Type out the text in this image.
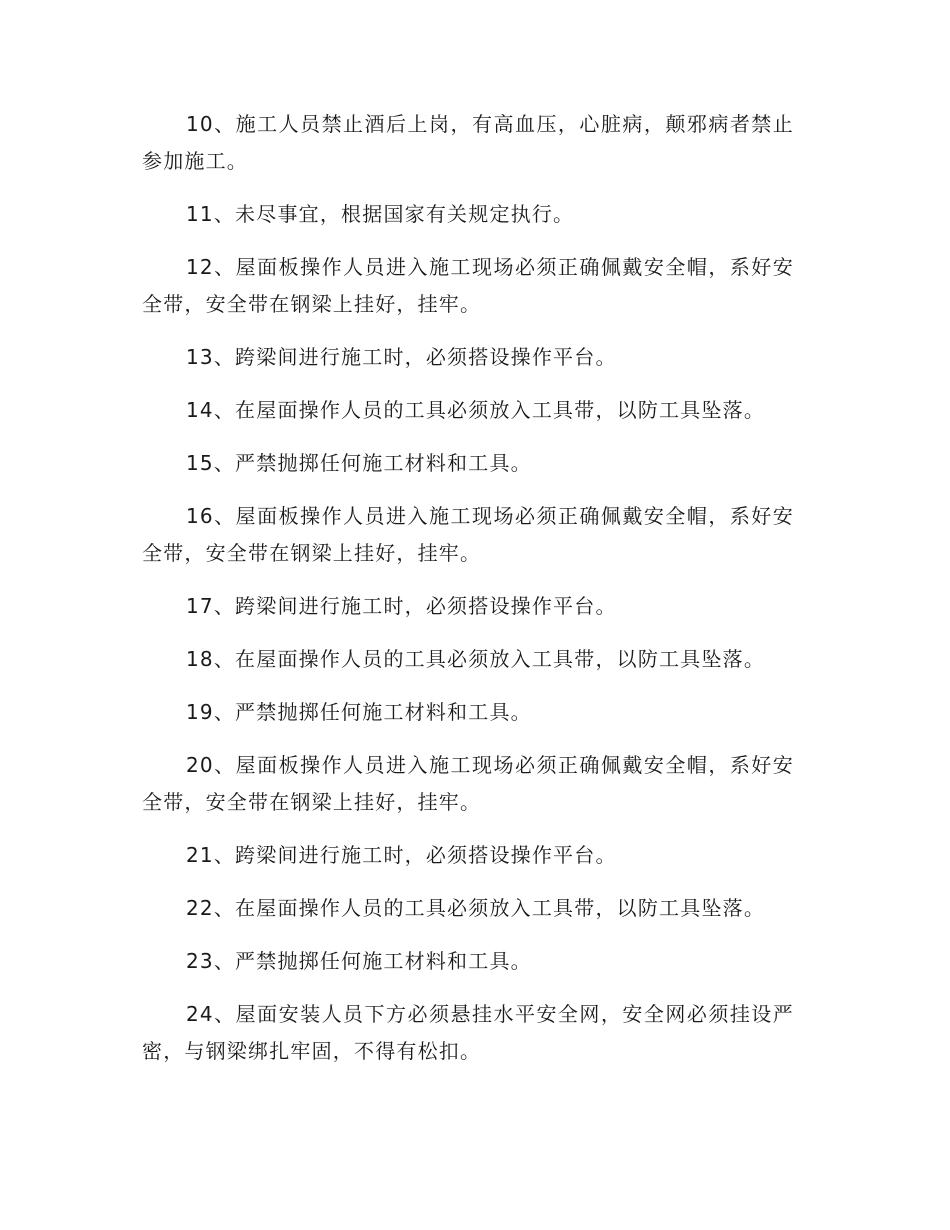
10、施工人员禁止酒后上岗，有高血压，心脏病，颠邪病者禁止参加施工。

11、未尽事宜，根据国家有关规定执行。

12、屋面板操作人员进入施工现场必须正确佩戴安全帽，系好安全带，安全带在钢梁上挂好，挂牢。

13、跨梁间进行施工时，必须搭设操作平台。

14、在屋面操作人员的工具必须放入工具带，以防工具坠落。

15、严禁抛掷任何施工材料和工具。

16、屋面板操作人员进入施工现场必须正确佩戴安全帽，系好安全带，安全带在钢梁上挂好，挂牢。

17、跨梁间进行施工时，必须搭设操作平台。

18、在屋面操作人员的工具必须放入工具带，以防工具坠落。

19、严禁抛掷任何施工材料和工具。

20、屋面板操作人员进入施工现场必须正确佩戴安全帽，系好安全带，安全带在钢梁上挂好，挂牢。

21、跨梁间进行施工时，必须搭设操作平台。

22、在屋面操作人员的工具必须放入工具带，以防工具坠落。

23、严禁抛掷任何施工材料和工具。

24、屋面安装人员下方必须悬挂水平安全网，安全网必须挂设严密，与钢梁绑扎牢固，不得有松扣。
